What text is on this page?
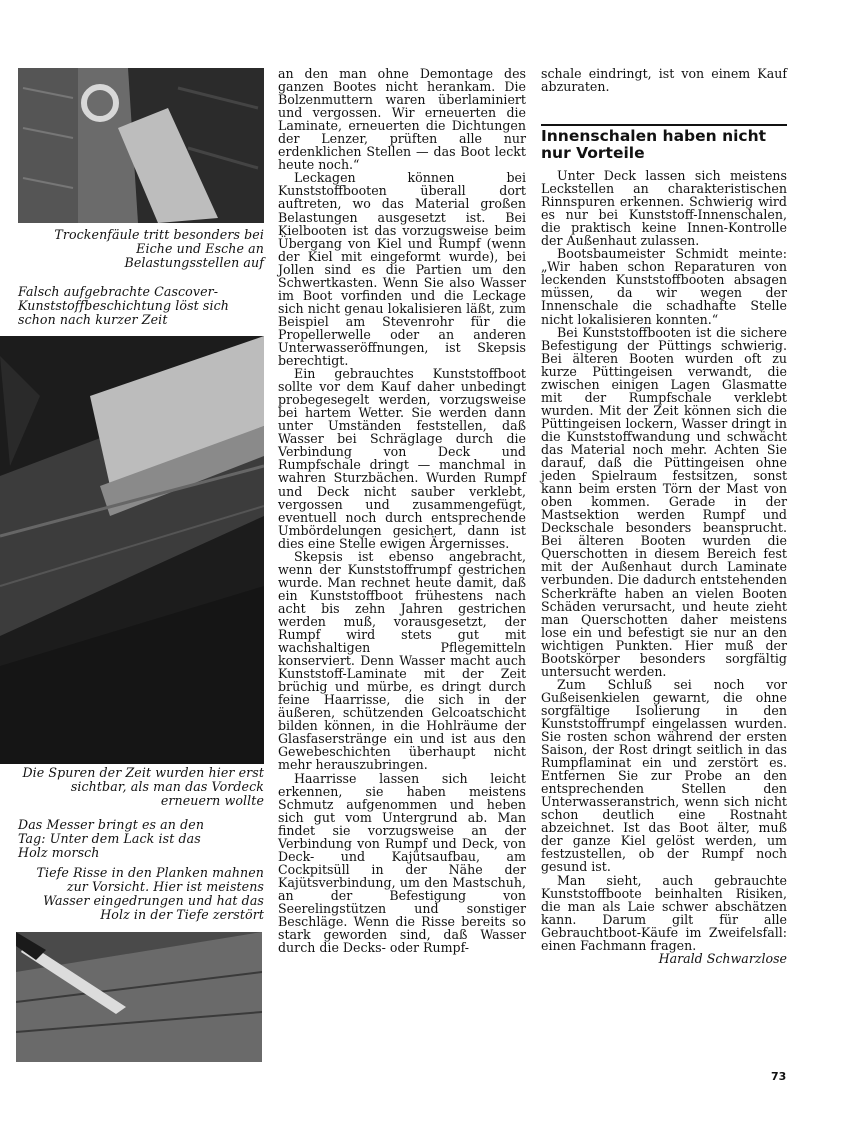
Trockenfäule tritt besonders bei Eiche und Esche an Belastungsstellen auf
Falsch aufgebrachte Cascover-Kunststoffbeschichtung löst sich schon nach kurzer Zeit
Die Spuren der Zeit wurden hier erst sichtbar, als man das Vordeck erneuern wollte
Das Messer bringt es an den Tag: Unter dem Lack ist das Holz morsch
Tiefe Risse in den Planken mahnen zur Vorsicht. Hier ist meistens Wasser eingedrungen und hat das Holz in der Tiefe zerstört

an den man ohne Demontage des ganzen Bootes nicht herankam. Die Bolzenmuttern waren überlaminiert und vergossen. Wir erneuerten die Laminate, erneuerten die Dichtungen der Lenzer, prüften alle nur erdenklichen Stellen — das Boot leckt heute noch.“

Leckagen können bei Kunststoffbooten überall dort auftreten, wo das Material großen Belastungen ausgesetzt ist. Bei Kielbooten ist das vorzugsweise beim Übergang von Kiel und Rumpf (wenn der Kiel mit eingeformt wurde), bei Jollen sind es die Partien um den Schwertkasten. Wenn Sie also Wasser im Boot vorfinden und die Leckage sich nicht genau lokalisieren läßt, zum Beispiel am Stevenrohr für die Propellerwelle oder an anderen Unterwasseröffnungen, ist Skepsis berechtigt.

Ein gebrauchtes Kunststoffboot sollte vor dem Kauf daher unbedingt probegesegelt werden, vorzugsweise bei hartem Wetter. Sie werden dann unter Umständen feststellen, daß Wasser bei Schräglage durch die Verbindung von Deck und Rumpfschale dringt — manchmal in wahren Sturzbächen. Wurden Rumpf und Deck nicht sauber verklebt, vergossen und zusammengefügt, eventuell noch durch entsprechende Umbördelungen gesichert, dann ist dies eine Stelle ewigen Ärgernisses.

Skepsis ist ebenso angebracht, wenn der Kunststoffrumpf gestrichen wurde. Man rechnet heute damit, daß ein Kunststoffboot frühestens nach acht bis zehn Jahren gestrichen werden muß, vorausgesetzt, der Rumpf wird stets gut mit wachshaltigen Pflegemitteln konserviert. Denn Wasser macht auch Kunststoff-Laminate mit der Zeit brüchig und mürbe, es dringt durch feine Haarrisse, die sich in der äußeren, schützenden Gelcoatschicht bilden können, in die Hohlräume der Glasfaserstränge ein und ist aus den Gewebeschichten überhaupt nicht mehr herauszubringen.

Haarrisse lassen sich leicht erkennen, sie haben meistens Schmutz aufgenommen und heben sich gut vom Untergrund ab. Man findet sie vorzugsweise an der Verbindung von Rumpf und Deck, von Deck- und Kajütsaufbau, am Cockpitsüll in der Nähe der Kajütsverbindung, um den Mastschuh, an der Befestigung von Seerelingstützen und sonstiger Beschläge. Wenn die Risse bereits so stark geworden sind, daß Wasser durch die Decks- oder Rumpf-

schale eindringt, ist von einem Kauf abzuraten.

Innenschalen haben nicht nur Vorteile

Unter Deck lassen sich meistens Leckstellen an charakteristischen Rinnspuren erkennen. Schwierig wird es nur bei Kunststoff-Innenschalen, die praktisch keine Innen-Kontrolle der Außenhaut zulassen.

Bootsbaumeister Schmidt meinte: „Wir haben schon Reparaturen von leckenden Kunststoffbooten absagen müssen, da wir wegen der Innenschale die schadhafte Stelle nicht lokalisieren konnten.“

Bei Kunststoffbooten ist die sichere Befestigung der Püttings schwierig. Bei älteren Booten wurden oft zu kurze Püttingeisen verwandt, die zwischen einigen Lagen Glasmatte mit der Rumpfschale verklebt wurden. Mit der Zeit können sich die Püttingeisen lockern, Wasser dringt in die Kunststoffwandung und schwächt das Material noch mehr. Achten Sie darauf, daß die Püttingeisen ohne jeden Spielraum festsitzen, sonst kann beim ersten Törn der Mast von oben kommen. Gerade in der Mastsektion werden Rumpf und Deckschale besonders beansprucht. Bei älteren Booten wurden die Querschotten in diesem Bereich fest mit der Außenhaut durch Laminate verbunden. Die dadurch entstehenden Scherkräfte haben an vielen Booten Schäden verursacht, und heute zieht man Querschotten daher meistens lose ein und befestigt sie nur an den wichtigen Punkten. Hier muß der Bootskörper besonders sorgfältig untersucht werden.

Zum Schluß sei noch vor Gußeisenkielen gewarnt, die ohne sorgfältige Isolierung in den Kunststoffrumpf eingelassen wurden. Sie rosten schon während der ersten Saison, der Rost dringt seitlich in das Rumpflaminat ein und zerstört es. Entfernen Sie zur Probe an den entsprechenden Stellen den Unterwasseranstrich, wenn sich nicht schon deutlich eine Rostnaht abzeichnet. Ist das Boot älter, muß der ganze Kiel gelöst werden, um festzustellen, ob der Rumpf noch gesund ist.

Man sieht, auch gebrauchte Kunststoffboote beinhalten Risiken, die man als Laie schwer abschätzen kann. Darum gilt für alle Gebrauchtboot-Käufe im Zweifelsfall: einen Fachmann fragen.

Harald Schwarzlose

73
